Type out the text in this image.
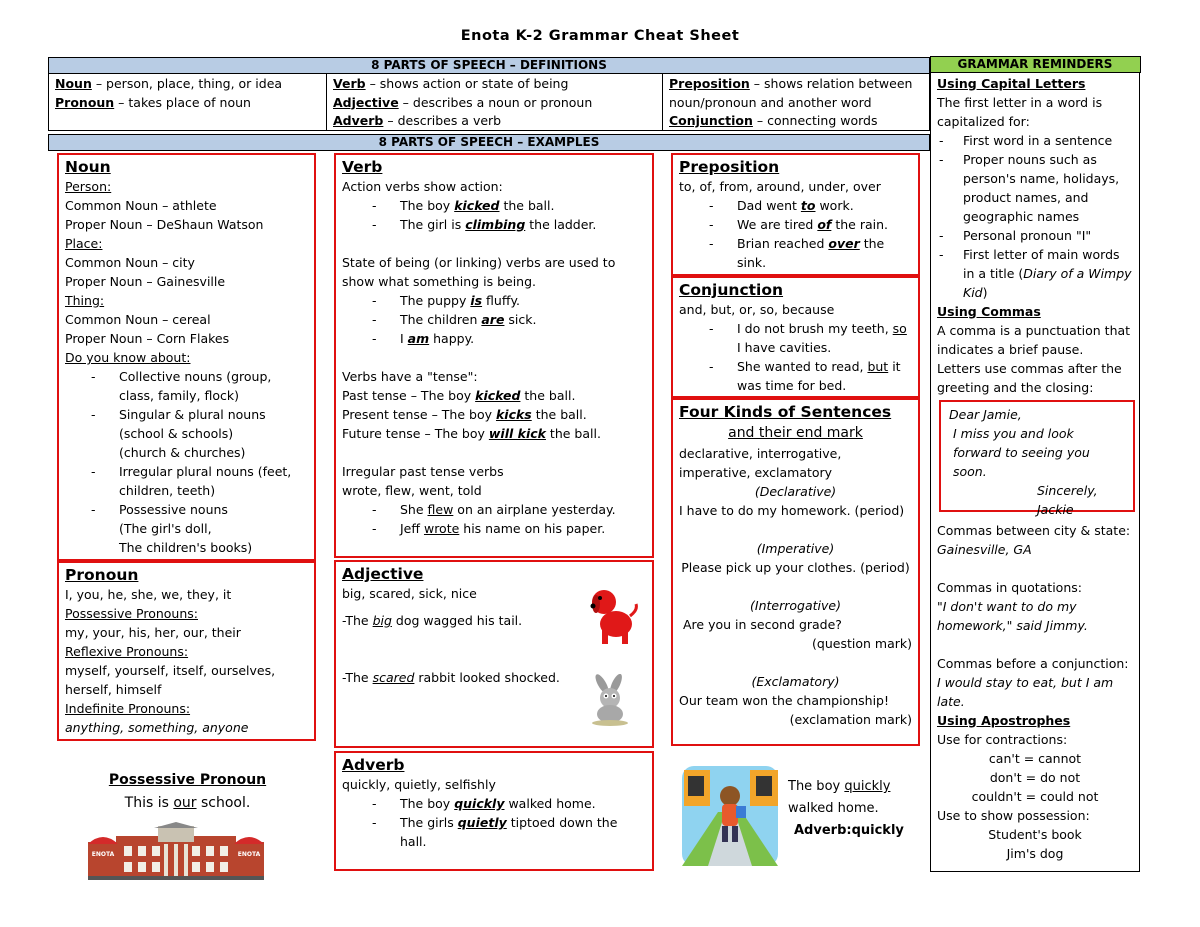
Enota K-2 Grammar Cheat Sheet
8 PARTS OF SPEECH – DEFINITIONS
Noun – person, place, thing, or idea
Pronoun – takes place of noun
Verb – shows action or state of being
Adjective – describes a noun or pronoun
Adverb – describes a verb
Preposition – shows relation between noun/pronoun and another word
Conjunction – connecting words
8 PARTS OF SPEECH – EXAMPLES
Noun
Person:
Common Noun – athlete
Proper Noun – DeShaun Watson
Place:
Common Noun – city
Proper Noun – Gainesville
Thing:
Common Noun – cereal
Proper Noun – Corn Flakes
Do you know about:
- Collective nouns (group, class, family, flock)
- Singular & plural nouns
(school & schools)
(church & churches)
- Irregular plural nouns (feet, children, teeth)
- Possessive nouns
(The girl's doll,
The children's books)
Pronoun
I, you, he, she, we, they, it
Possessive Pronouns:
my, your, his, her, our, their
Reflexive Pronouns:
myself, yourself, itself, ourselves, herself, himself
Indefinite Pronouns:
anything, something, anyone
Possessive Pronoun
This is our school.
ENOTA	ENOTA
Verb
Action verbs show action:
- The boy kicked the ball.
- The girl is climbing the ladder.
State of being (or linking) verbs are used to show what something is being.
- The puppy is fluffy.
- The children are sick.
- I am happy.
Verbs have a "tense":
Past tense – The boy kicked the ball.
Present tense – The boy kicks the ball.
Future tense – The boy will kick the ball.
Irregular past tense verbs
wrote, flew, went, told
- She flew on an airplane yesterday.
- Jeff wrote his name on his paper.
Adjective
big, scared, sick, nice
-The big dog wagged his tail.
-The scared rabbit looked shocked.
Adverb
quickly, quietly, selfishly
- The boy quickly walked home.
- The girls quietly tiptoed down the hall.
The boy quickly walked home.
Adverb:quickly
Preposition
to, of, from, around, under, over
- Dad went to work.
- We are tired of the rain.
- Brian reached over the sink.
Conjunction
and, but, or, so, because
- I do not brush my teeth, so I have cavities.
- She wanted to read, but it was time for bed.
Four Kinds of Sentences
and their end mark
declarative, interrogative, imperative, exclamatory
(Declarative)
I have to do my homework. (period)
(Imperative)
Please pick up your clothes. (period)
(Interrogative)
Are you in second grade?
(question mark)
(Exclamatory)
Our team won the championship!
(exclamation mark)
GRAMMAR REMINDERS
Using Capital Letters
The first letter in a word is capitalized for:
- First word in a sentence
- Proper nouns such as person's name, holidays, product names, and geographic names
- Personal pronoun "I"
- First letter of main words in a title (Diary of a Wimpy Kid)
Using Commas
A comma is a punctuation that indicates a brief pause.
Letters use commas after the greeting and the closing:
Dear Jamie,
I miss you and look forward to seeing you soon.
Sincerely,
Jackie
Commas between city & state:
Gainesville, GA
Commas in quotations:
"I don't want to do my homework," said Jimmy.
Commas before a conjunction:
I would stay to eat, but I am late.
Using Apostrophes
Use for contractions:
can't = cannot
don't = do not
couldn't = could not
Use to show possession:
Student's book
Jim's dog
